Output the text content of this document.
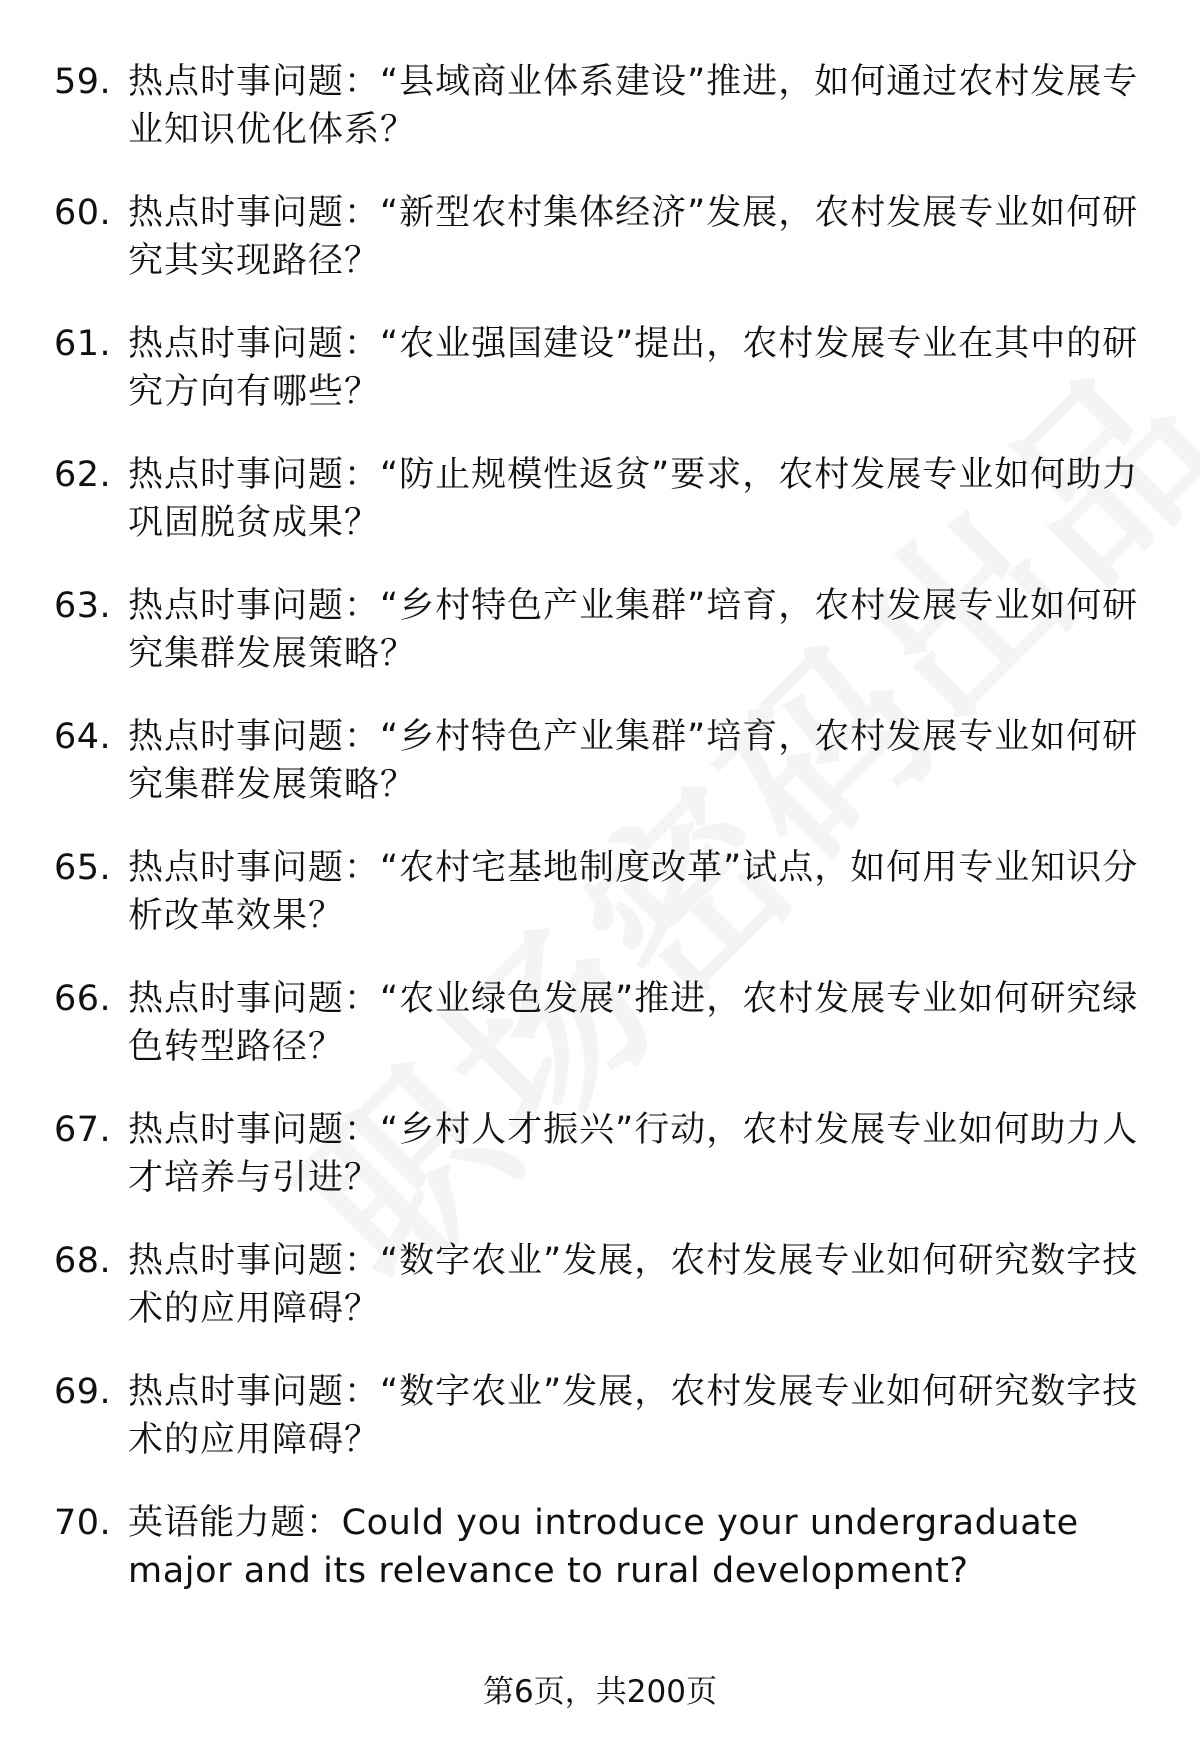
59. 热点时事问题：“县域商业体系建设”推进，如何通过农村发展专业知识优化体系？
60. 热点时事问题：“新型农村集体经济”发展，农村发展专业如何研究其实现路径？
61. 热点时事问题：“农业强国建设”提出，农村发展专业在其中的研究方向有哪些？
62. 热点时事问题：“防止规模性返贫”要求，农村发展专业如何助力巩固脱贫成果？
63. 热点时事问题：“乡村特色产业集群”培育，农村发展专业如何研究集群发展策略？
64. 热点时事问题：“乡村特色产业集群”培育，农村发展专业如何研究集群发展策略？
65. 热点时事问题：“农村宅基地制度改革”试点，如何用专业知识分析改革效果？
66. 热点时事问题：“农业绿色发展”推进，农村发展专业如何研究绿色转型路径？
67. 热点时事问题：“乡村人才振兴”行动，农村发展专业如何助力人才培养与引进？
68. 热点时事问题：“数字农业”发展，农村发展专业如何研究数字技术的应用障碍？
69. 热点时事问题：“数字农业”发展，农村发展专业如何研究数字技术的应用障碍？
70. 英语能力题：Could you introduce your undergraduate major and its relevance to rural development?
第6页，共200页
